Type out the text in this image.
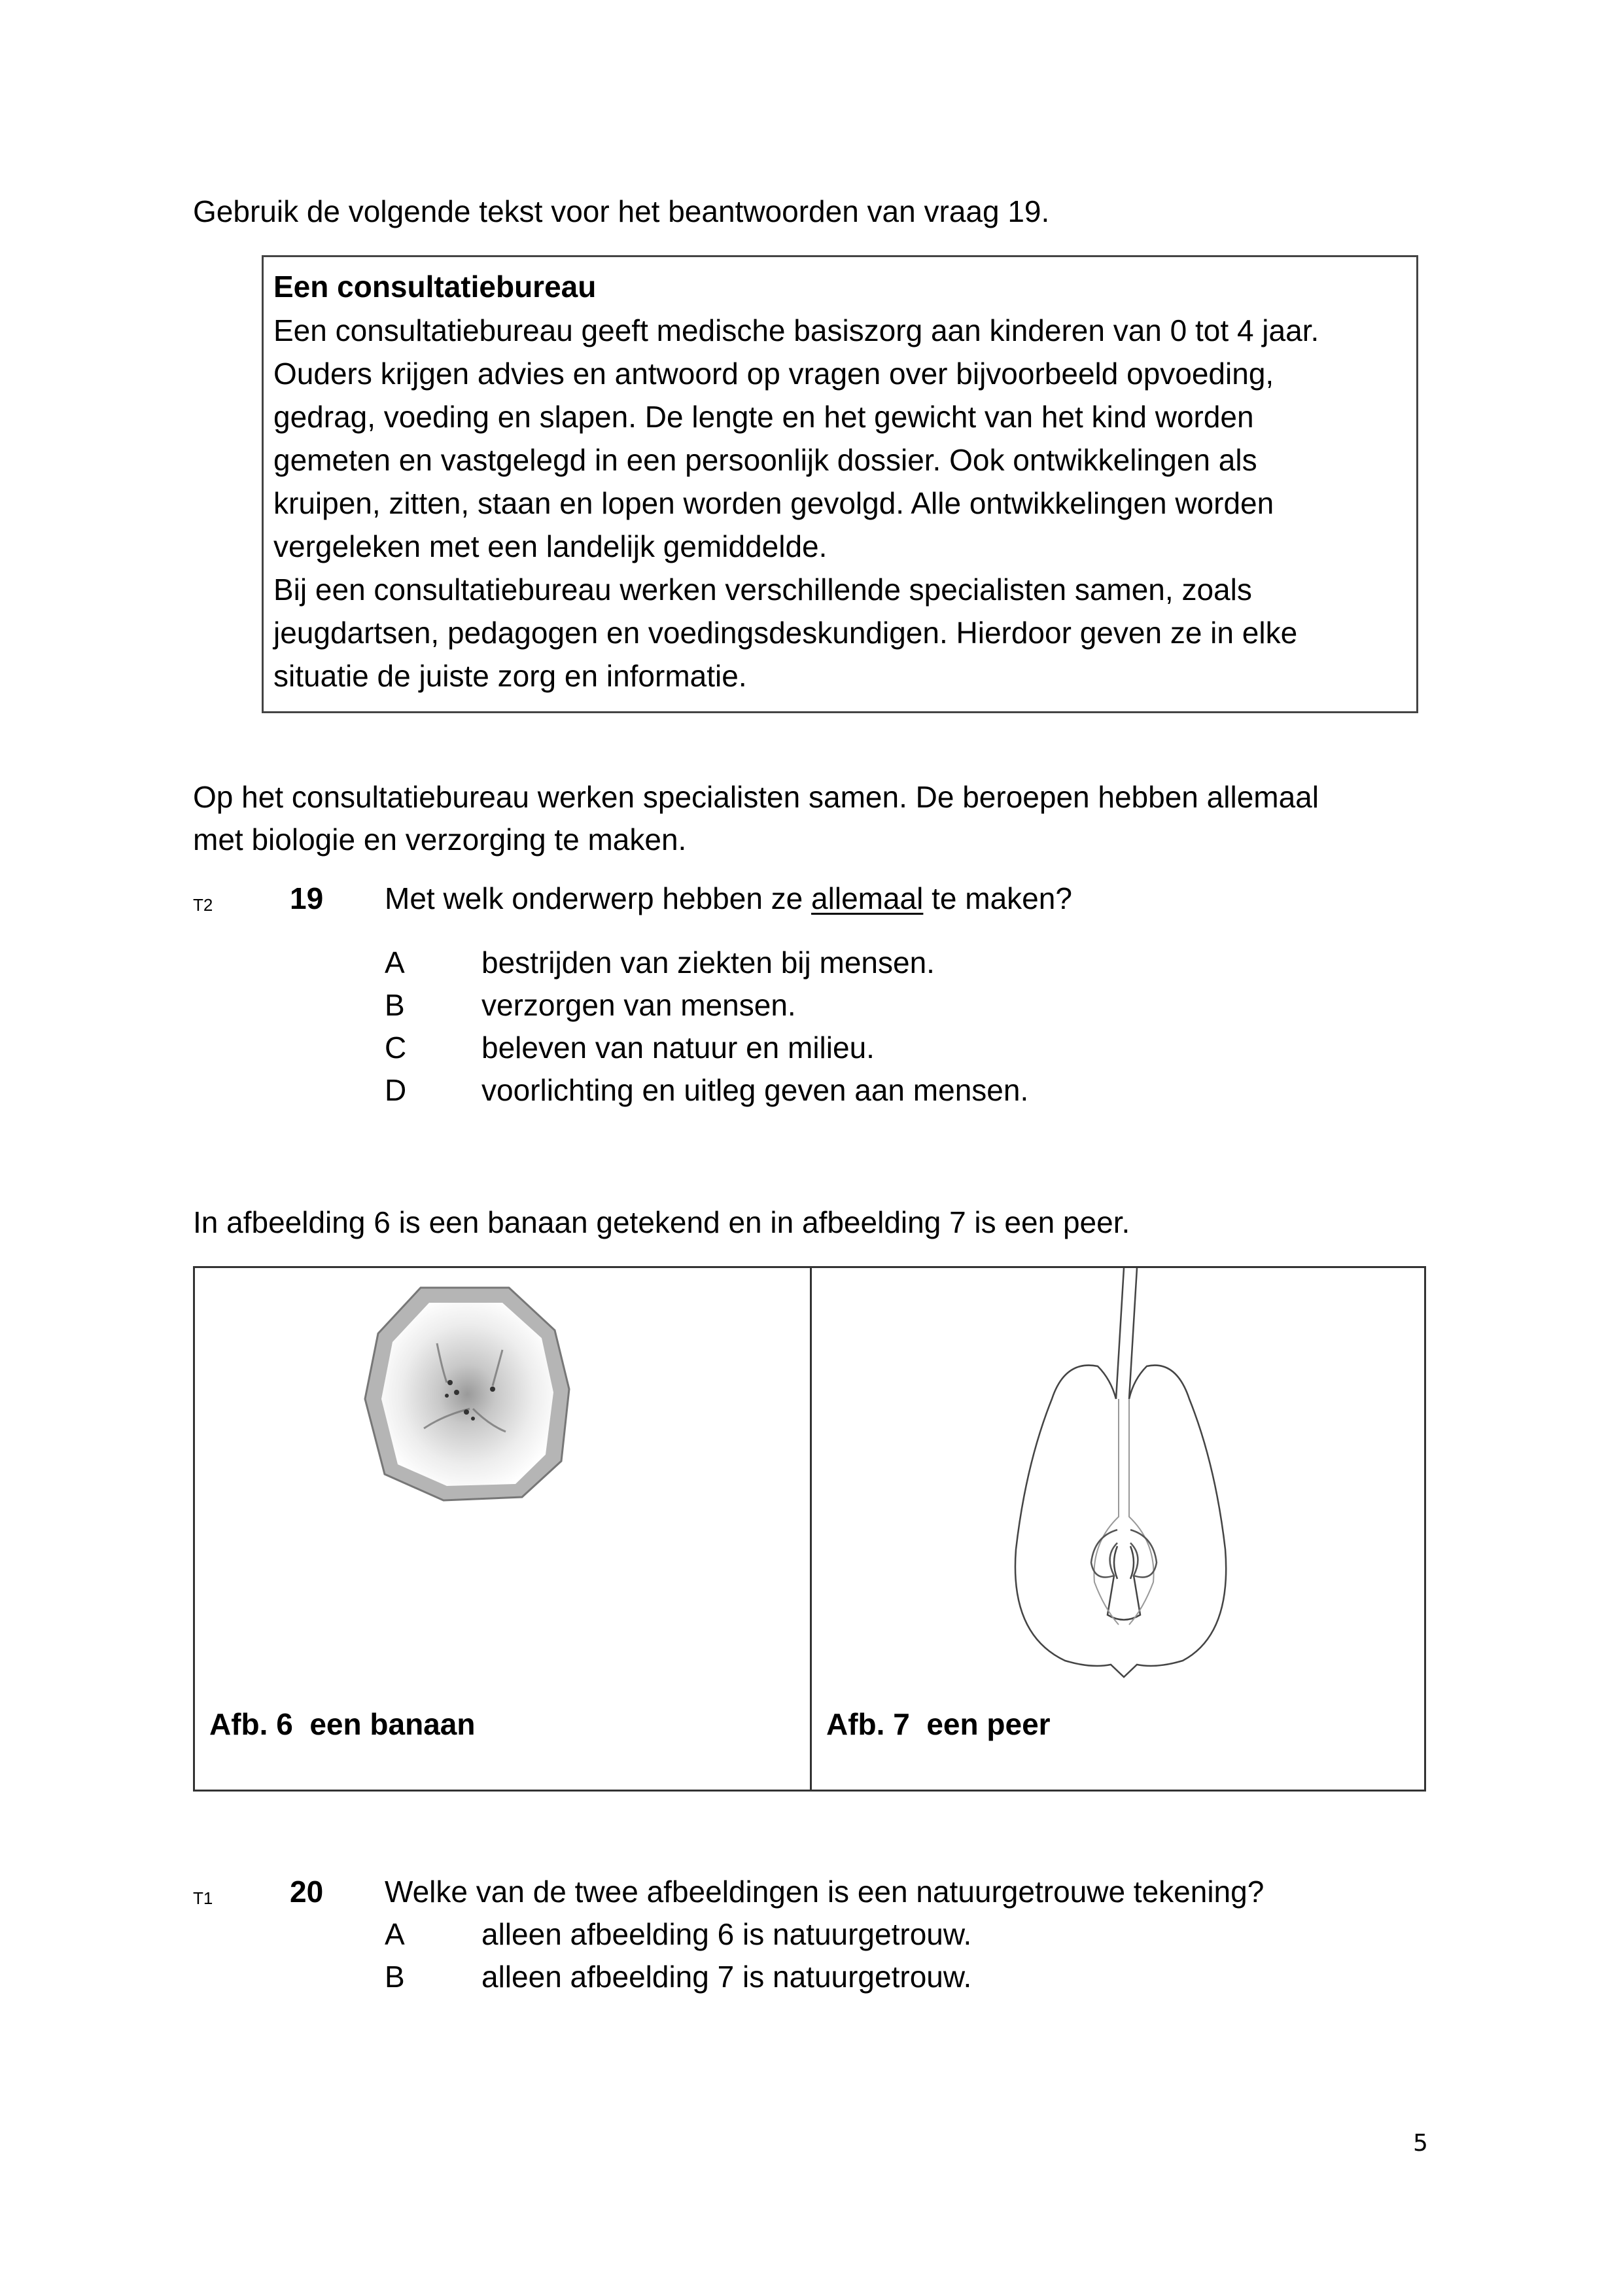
Gebruik de volgende tekst voor het beantwoorden van vraag 19.
Een consultatiebureau
Een consultatiebureau geeft medische basiszorg aan kinderen van 0 tot 4 jaar.
Ouders krijgen advies en antwoord op vragen over bijvoorbeeld opvoeding,
gedrag, voeding en slapen. De lengte en het gewicht van het kind worden
gemeten en vastgelegd in een persoonlijk dossier. Ook ontwikkelingen als
kruipen, zitten, staan en lopen worden gevolgd. Alle ontwikkelingen worden
vergeleken met een landelijk gemiddelde.
Bij een consultatiebureau werken verschillende specialisten samen, zoals
jeugdartsen, pedagogen en voedingsdeskundigen. Hierdoor geven ze in elke
situatie de juiste zorg en informatie.
Op het consultatiebureau werken specialisten samen. De beroepen hebben allemaal
met biologie en verzorging te maken.
T2	19 Met welk onderwerp hebben ze allemaal te maken?
A	bestrijden van ziekten bij mensen.
B	verzorgen van mensen.
C beleven van natuur en milieu.
D voorlichting en uitleg geven aan mensen.
In afbeelding 6 is een banaan getekend en in afbeelding 7 is een peer.
Afb. 6 een banaan	Afb. 7 een peer
T1	20 Welke van de twee afbeeldingen is een natuurgetrouwe tekening?
A	alleen afbeelding 6 is natuurgetrouw.
B	alleen afbeelding 7 is natuurgetrouw.
5
